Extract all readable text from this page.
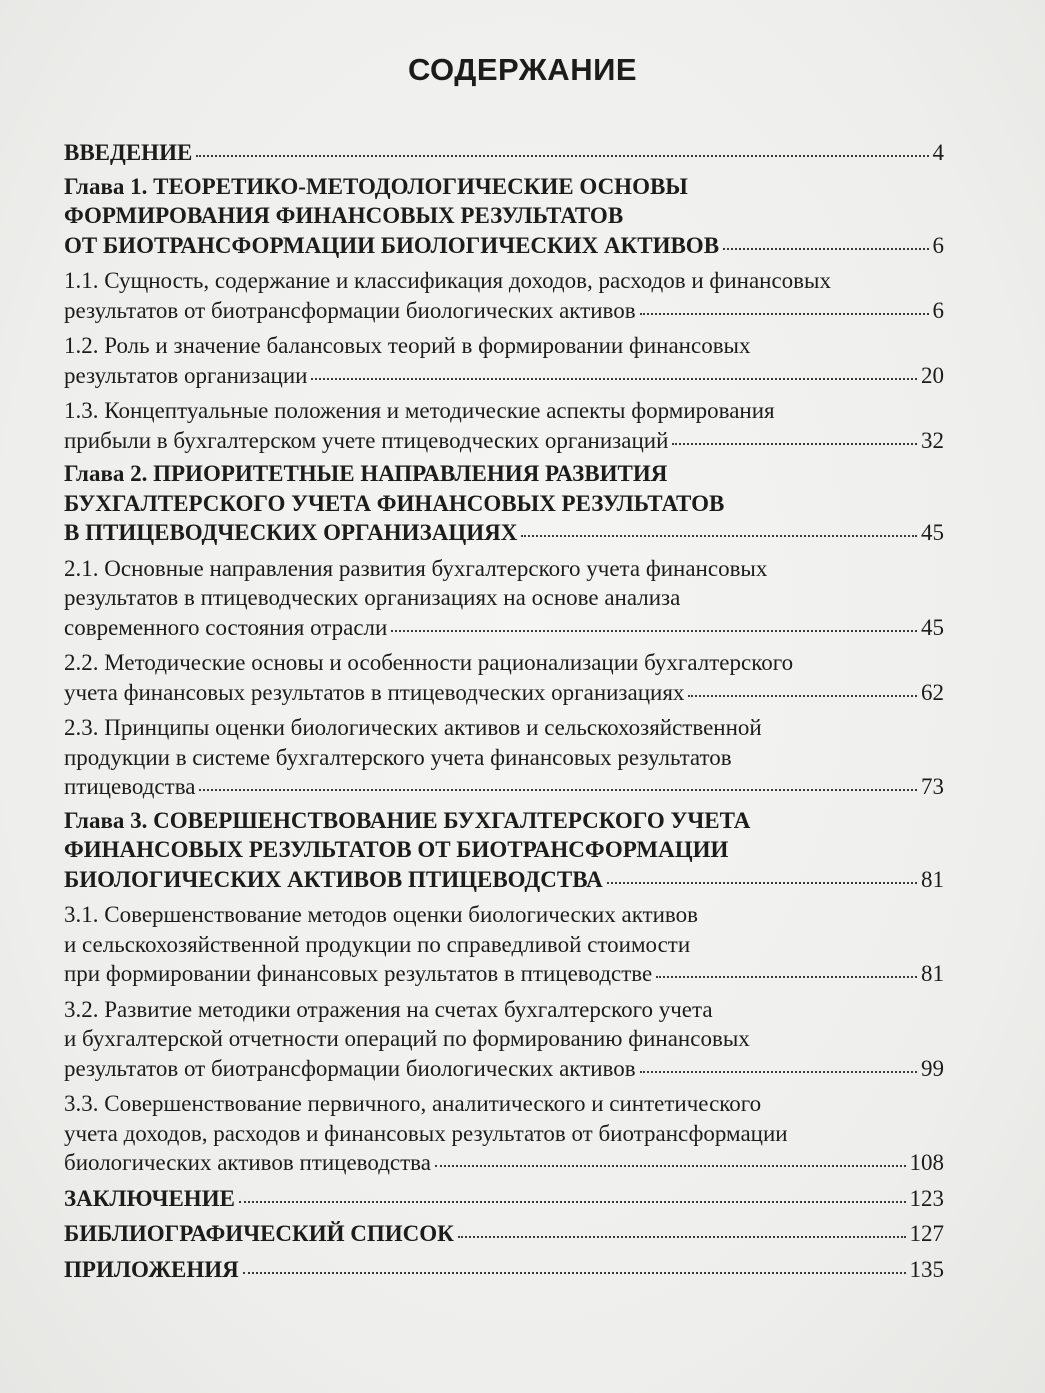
СОДЕРЖАНИЕ
ВВЕДЕНИЕ	4
Глава 1. ТЕОРЕТИКО-МЕТОДОЛОГИЧЕСКИЕ ОСНОВЫ
ФОРМИРОВАНИЯ ФИНАНСОВЫХ РЕЗУЛЬТАТОВ
ОТ БИОТРАНСФОРМАЦИИ БИОЛОГИЧЕСКИХ АКТИВОВ	6
1.1. Сущность, содержание и классификация доходов, расходов и финансовых
результатов от биотрансформации биологических активов	6
1.2. Роль и значение балансовых теорий в формировании финансовых
результатов организации	20
1.3. Концептуальные положения и методические аспекты формирования
прибыли в бухгалтерском учете птицеводческих организаций	32
Глава 2. ПРИОРИТЕТНЫЕ НАПРАВЛЕНИЯ РАЗВИТИЯ
БУХГАЛТЕРСКОГО УЧЕТА ФИНАНСОВЫХ РЕЗУЛЬТАТОВ
В ПТИЦЕВОДЧЕСКИХ ОРГАНИЗАЦИЯХ	45
2.1. Основные направления развития бухгалтерского учета финансовых
результатов в птицеводческих организациях на основе анализа
современного состояния отрасли	45
2.2. Методические основы и особенности рационализации бухгалтерского
учета финансовых результатов в птицеводческих организациях	62
2.3. Принципы оценки биологических активов и сельскохозяйственной
продукции в системе бухгалтерского учета финансовых результатов
птицеводства	73
Глава 3. СОВЕРШЕНСТВОВАНИЕ БУХГАЛТЕРСКОГО УЧЕТА
ФИНАНСОВЫХ РЕЗУЛЬТАТОВ ОТ БИОТРАНСФОРМАЦИИ
БИОЛОГИЧЕСКИХ АКТИВОВ ПТИЦЕВОДСТВА	81
3.1. Совершенствование методов оценки биологических активов
и сельскохозяйственной продукции по справедливой стоимости
при формировании финансовых результатов в птицеводстве	81
3.2. Развитие методики отражения на счетах бухгалтерского учета
и бухгалтерской отчетности операций по формированию финансовых
результатов от биотрансформации биологических активов	99
3.3. Совершенствование первичного, аналитического и синтетического
учета доходов, расходов и финансовых результатов от биотрансформации
биологических активов птицеводства	108
ЗАКЛЮЧЕНИЕ	123
БИБЛИОГРАФИЧЕСКИЙ СПИСОК	127
ПРИЛОЖЕНИЯ	135
